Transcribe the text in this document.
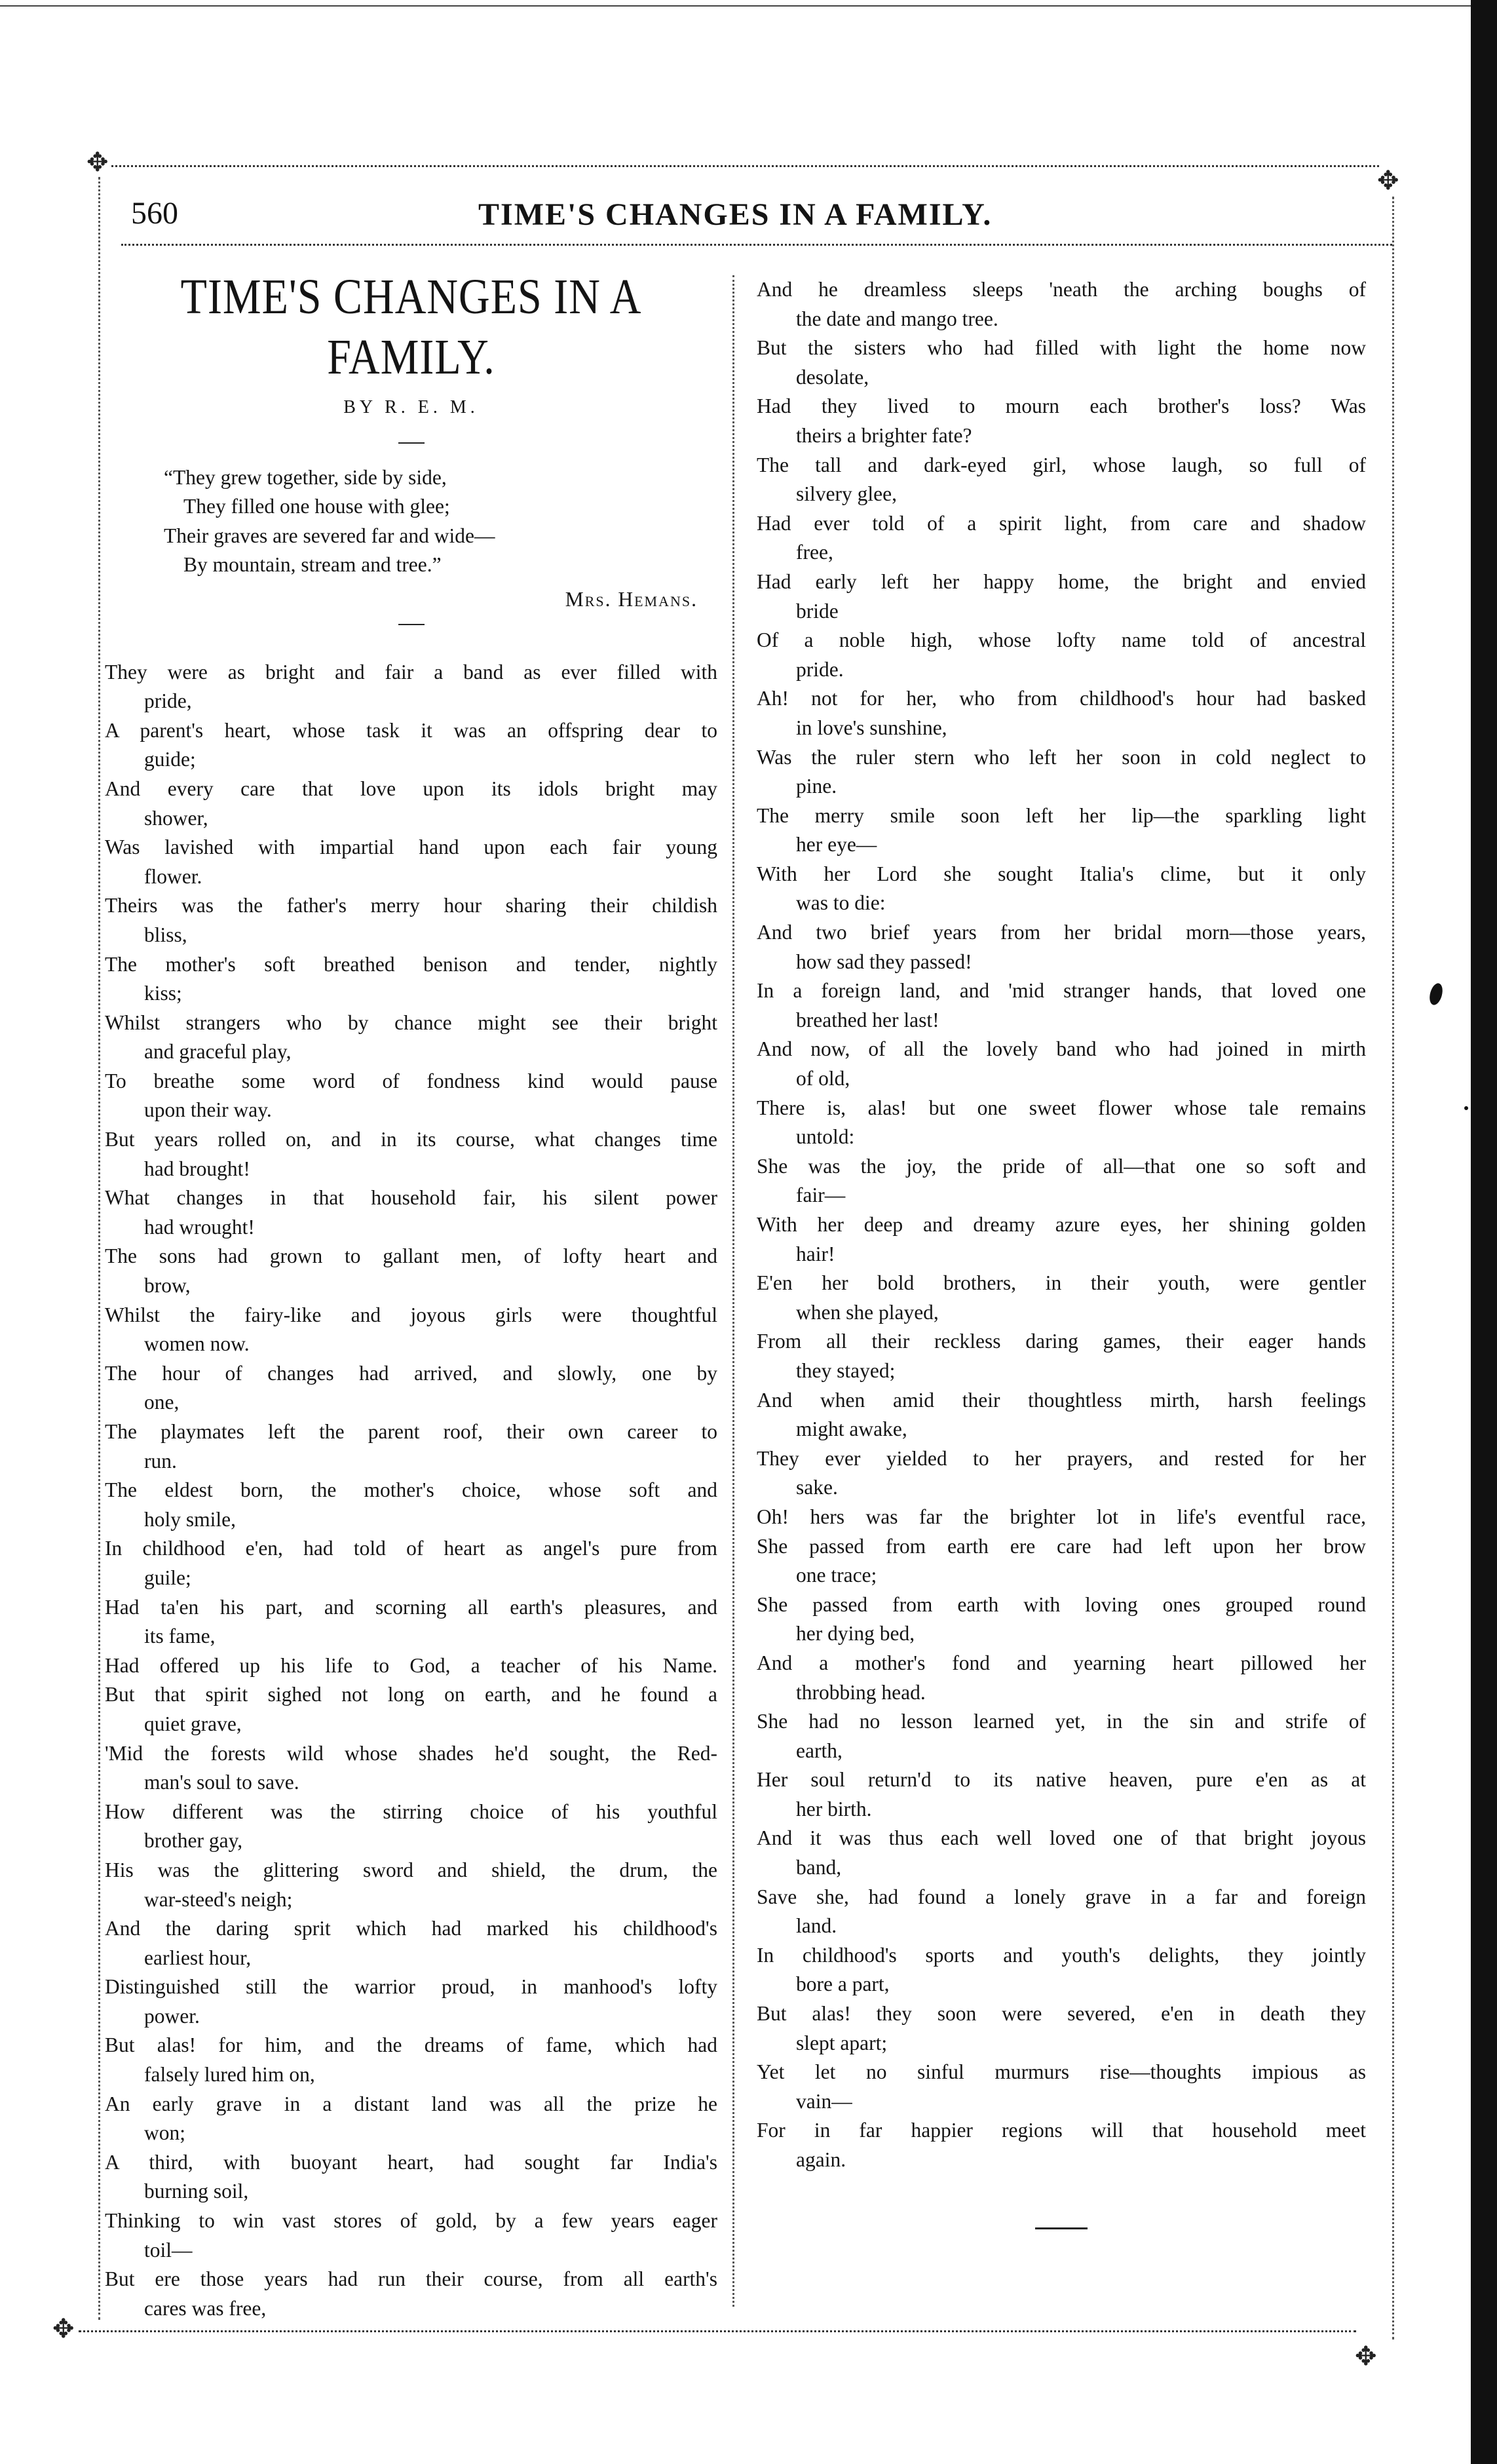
✥
✥
✥
✥
560	TIME'S CHANGES IN A FAMILY.
TIME'S CHANGES IN A FAMILY.
BY R. E. M.
“They grew together, side by side,
They filled one house with glee;
Their graves are severed far and wide—
By mountain, stream and tree.”
Mrs. Hemans.
They were as bright and fair a band as ever filled with
pride,
A parent's heart, whose task it was an offspring dear to
guide;
And every care that love upon its idols bright may
shower,
Was lavished with impartial hand upon each fair young
flower.
Theirs was the father's merry hour sharing their childish
bliss,
The mother's soft breathed benison and tender, nightly
kiss;
Whilst strangers who by chance might see their bright
and graceful play,
To breathe some word of fondness kind would pause
upon their way.
But years rolled on, and in its course, what changes time
had brought!
What changes in that household fair, his silent power
had wrought!
The sons had grown to gallant men, of lofty heart and
brow,
Whilst the fairy-like and joyous girls were thoughtful
women now.
The hour of changes had arrived, and slowly, one by
one,
The playmates left the parent roof, their own career to
run.
The eldest born, the mother's choice, whose soft and
holy smile,
In childhood e'en, had told of heart as angel's pure from
guile;
Had ta'en his part, and scorning all earth's pleasures, and
its fame,
Had offered up his life to God, a teacher of his Name.
But that spirit sighed not long on earth, and he found a
quiet grave,
'Mid the forests wild whose shades he'd sought, the Red-
man's soul to save.
How different was the stirring choice of his youthful
brother gay,
His was the glittering sword and shield, the drum, the
war-steed's neigh;
And the daring sprit which had marked his childhood's
earliest hour,
Distinguished still the warrior proud, in manhood's lofty
power.
But alas! for him, and the dreams of fame, which had
falsely lured him on,
An early grave in a distant land was all the prize he
won;
A third, with buoyant heart, had sought far India's
burning soil,
Thinking to win vast stores of gold, by a few years eager
toil—
But ere those years had run their course, from all earth's
cares was free,
And he dreamless sleeps 'neath the arching boughs of
the date and mango tree.
But the sisters who had filled with light the home now
desolate,
Had they lived to mourn each brother's loss? Was
theirs a brighter fate?
The tall and dark-eyed girl, whose laugh, so full of
silvery glee,
Had ever told of a spirit light, from care and shadow
free,
Had early left her happy home, the bright and envied
bride
Of a noble high, whose lofty name told of ancestral
pride.
Ah! not for her, who from childhood's hour had basked
in love's sunshine,
Was the ruler stern who left her soon in cold neglect to
pine.
The merry smile soon left her lip—the sparkling light
her eye—
With her Lord she sought Italia's clime, but it only
was to die:
And two brief years from her bridal morn—those years,
how sad they passed!
In a foreign land, and 'mid stranger hands, that loved one
breathed her last!
And now, of all the lovely band who had joined in mirth
of old,
There is, alas! but one sweet flower whose tale remains
untold:
She was the joy, the pride of all—that one so soft and
fair—
With her deep and dreamy azure eyes, her shining golden
hair!
E'en her bold brothers, in their youth, were gentler
when she played,
From all their reckless daring games, their eager hands
they stayed;
And when amid their thoughtless mirth, harsh feelings
might awake,
They ever yielded to her prayers, and rested for her
sake.
Oh! hers was far the brighter lot in life's eventful race,
She passed from earth ere care had left upon her brow
one trace;
She passed from earth with loving ones grouped round
her dying bed,
And a mother's fond and yearning heart pillowed her
throbbing head.
She had no lesson learned yet, in the sin and strife of
earth,
Her soul return'd to its native heaven, pure e'en as at
her birth.
And it was thus each well loved one of that bright joyous
band,
Save she, had found a lonely grave in a far and foreign
land.
In childhood's sports and youth's delights, they jointly
bore a part,
But alas! they soon were severed, e'en in death they
slept apart;
Yet let no sinful murmurs rise—thoughts impious as
vain—
For in far happier regions will that household meet
again.
